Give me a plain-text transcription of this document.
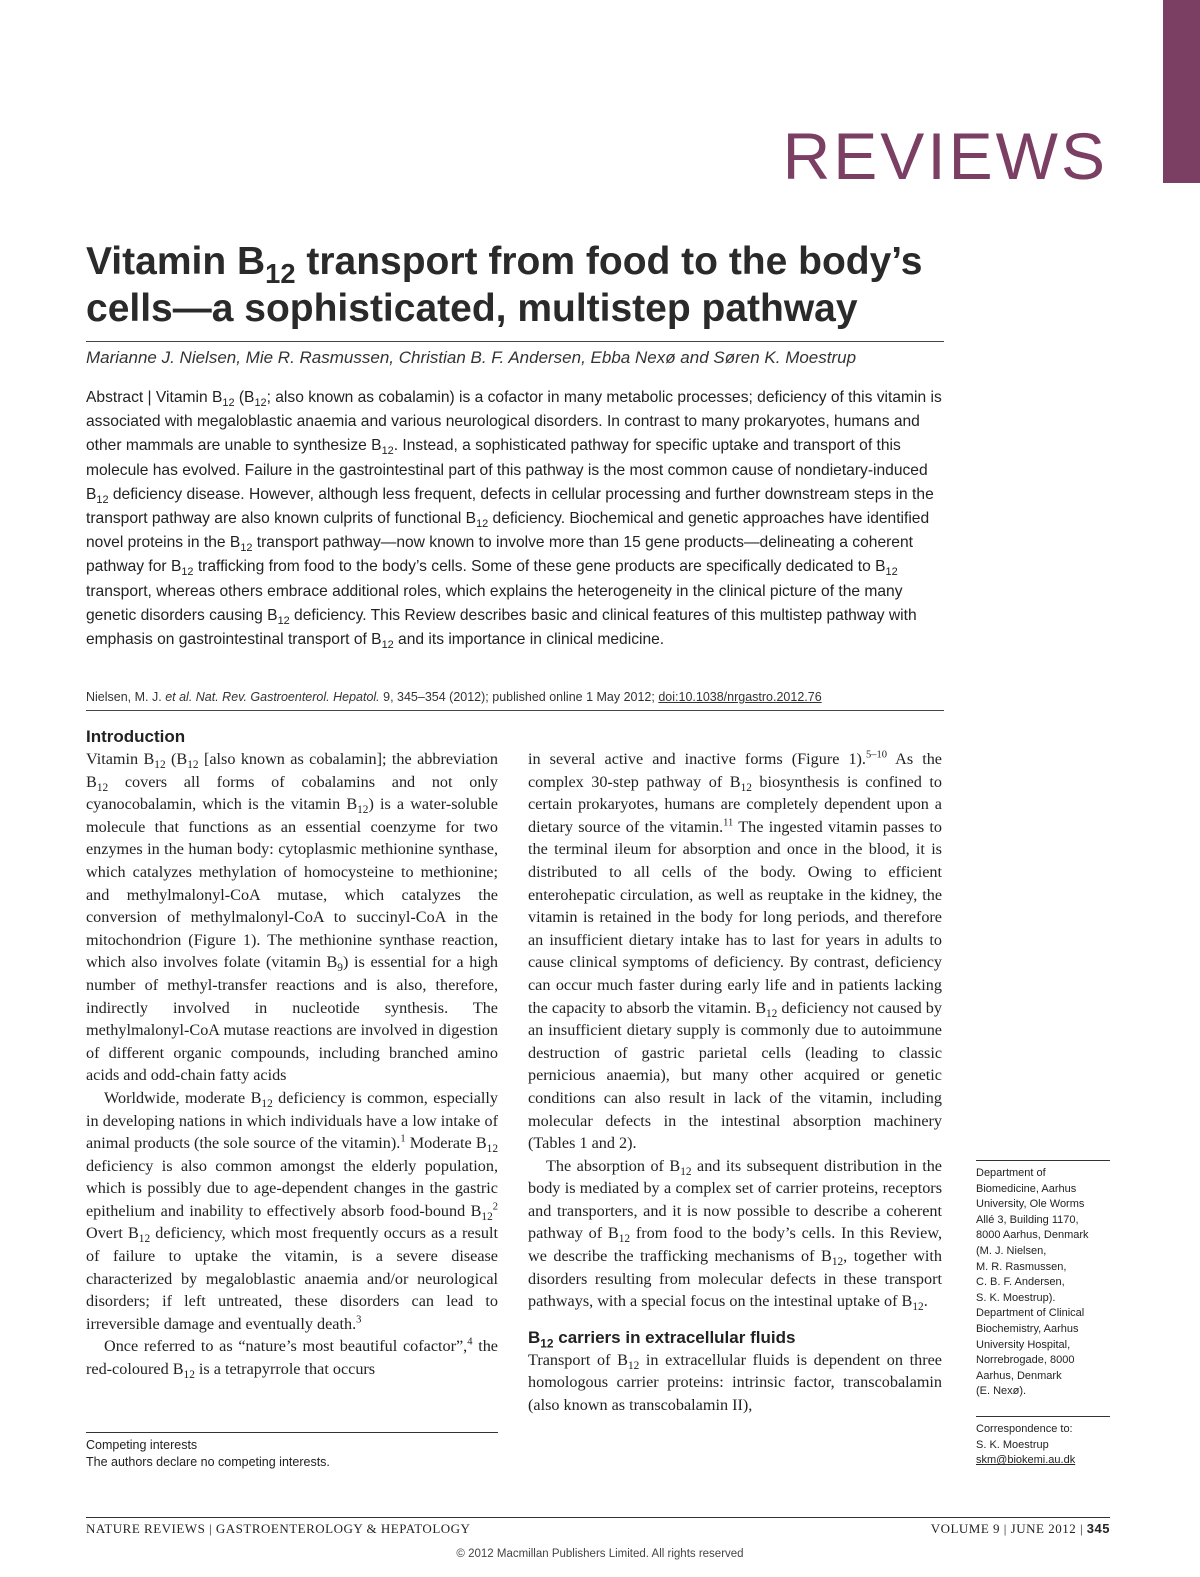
REVIEWS
Vitamin $B_{12}$ transport from food to the body’s
cells—a sophisticated, multistep pathway
Marianne J. Nielsen, Mie R. Rasmussen, Christian B. F. Andersen, Ebba Nexø and Søren K. Moestrup
Abstract | Vitamin $B_{12}$ ($B_{12}$; also known as cobalamin) is a cofactor in many metabolic processes; deficiency of this vitamin is associated with megaloblastic anaemia and various neurological disorders. In contrast to many prokaryotes, humans and other mammals are unable to synthesize $B_{12}$. Instead, a sophisticated pathway for specific uptake and transport of this molecule has evolved. Failure in the gastrointestinal part of this pathway is the most common cause of nondietary-induced $B_{12}$ deficiency disease. However, although less frequent, defects in cellular processing and further downstream steps in the transport pathway are also known culprits of functional $B_{12}$ deficiency. Biochemical and genetic approaches have identified novel proteins in the $B_{12}$ transport pathway—now known to involve more than 15 gene products—delineating a coherent pathway for $B_{12}$ trafficking from food to the body’s cells. Some of these gene products are specifically dedicated to $B_{12}$ transport, whereas others embrace additional roles, which explains the heterogeneity in the clinical picture of the many genetic disorders causing $B_{12}$ deficiency. This Review describes basic and clinical features of this multistep pathway with emphasis on gastrointestinal transport of $B_{12}$ and its importance in clinical medicine.
Nielsen, M. J. et al. Nat. Rev. Gastroenterol. Hepatol. 9, 345–354 (2012); published online 1 May 2012; doi:10.1038/nrgastro.2012.76
Introduction

Vitamin $B_{12}$ ($B_{12}$ [also known as cobalamin]; the abbreviation $B_{12}$ covers all forms of cobalamins and not only cyanocobalamin, which is the vitamin $B_{12}$) is a water-soluble molecule that functions as an essential coenzyme for two enzymes in the human body: cytoplasmic methionine synthase, which catalyzes methylation of homocysteine to methionine; and methylmalonyl-CoA mutase, which catalyzes the conversion of methylmalonyl-CoA to succinyl-CoA in the mitochondrion (Figure 1). The methionine synthase reaction, which also involves folate (vitamin $B_9$) is essential for a high number of methyl-transfer reactions and is also, therefore, indirectly involved in nucleotide synthesis. The methylmalonyl-CoA mutase reactions are involved in digestion of different organic compounds, including branched amino acids and odd-chain fatty acids

Worldwide, moderate $B_{12}$ deficiency is common, especially in developing nations in which individuals have a low intake of animal products (the sole source of the vitamin).$^1$ Moderate $B_{12}$ deficiency is also common amongst the elderly population, which is possibly due to age-dependent changes in the gastric epithelium and inability to effectively absorb food-bound $B_{12}^2$ Overt $B_{12}$ deficiency, which most frequently occurs as a result of failure to uptake the vitamin, is a severe disease characterized by megaloblastic anaemia and/or neurological disorders; if left untreated, these disorders can lead to irreversible damage and eventually death.$^3$

Once referred to as “nature’s most beautiful cofactor”,$^4$ the red-coloured $B_{12}$ is a tetrapyrrole that occurs

in several active and inactive forms (Figure 1).$^{5-10}$ As the complex 30-step pathway of $B_{12}$ biosynthesis is confined to certain prokaryotes, humans are completely dependent upon a dietary source of the vitamin.$^{11}$ The ingested vitamin passes to the terminal ileum for absorption and once in the blood, it is distributed to all cells of the body. Owing to efficient enterohepatic circulation, as well as reuptake in the kidney, the vitamin is retained in the body for long periods, and therefore an insufficient dietary intake has to last for years in adults to cause clinical symptoms of deficiency. By contrast, deficiency can occur much faster during early life and in patients lacking the capacity to absorb the vitamin. $B_{12}$ deficiency not caused by an insufficient dietary supply is commonly due to autoimmune destruction of gastric parietal cells (leading to classic pernicious anaemia), but many other acquired or genetic conditions can also result in lack of the vitamin, including molecular defects in the intestinal absorption machinery (Tables 1 and 2).

The absorption of $B_{12}$ and its subsequent distribution in the body is mediated by a complex set of carrier proteins, receptors and transporters, and it is now possible to describe a coherent pathway of $B_{12}$ from food to the body’s cells. In this Review, we describe the trafficking mechanisms of $B_{12}$, together with disorders resulting from molecular defects in these transport pathways, with a special focus on the intestinal uptake of $B_{12}$.

$B_{12}$ carriers in extracellular fluids

Transport of $B_{12}$ in extracellular fluids is dependent on three homologous carrier proteins: intrinsic factor, transcobalamin (also known as transcobalamin II),

Competing interests
The authors declare no competing interests.
Department of
Biomedicine, Aarhus
University, Ole Worms
Allé 3, Building 1170,
8000 Aarhus, Denmark
(M. J. Nielsen,
M. R. Rasmussen,
C. B. F. Andersen,
S. K. Moestrup).
Department of Clinical
Biochemistry, Aarhus
University Hospital,
Norrebrogade, 8000
Aarhus, Denmark
(E. Nexø).
Correspondence to:
S. K. Moestrup
skm@biokemi.au.dk
NATURE REVIEWS | GASTROENTEROLOGY & HEPATOLOGY	VOLUME 9 | JUNE 2012 | 345
© 2012 Macmillan Publishers Limited. All rights reserved
